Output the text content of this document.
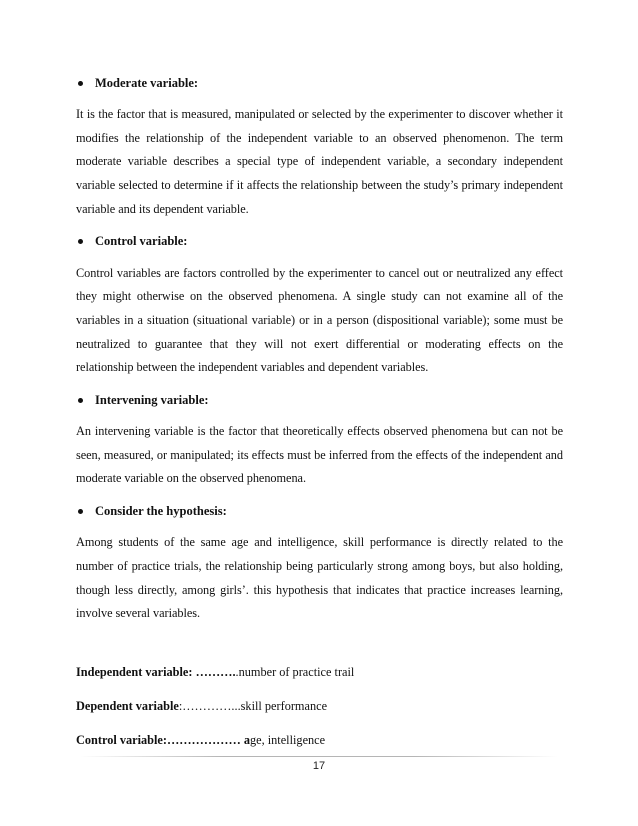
Moderate variable:

It is the factor that is measured, manipulated or selected by the experimenter to discover whether it modifies the relationship of the independent variable to an observed phenomenon. The term moderate variable describes a special type of independent variable, a secondary independent variable selected to determine if it affects the relationship between the study’s primary independent variable and its dependent variable.

Control variable:

Control variables are factors controlled by the experimenter to cancel out or neutralized any effect they might otherwise on the observed phenomena. A single study can not examine all of the variables in a situation (situational variable) or in a person (dispositional variable); some must be neutralized to guarantee that they will not exert differential or moderating effects on the relationship between the independent variables and dependent variables.

Intervening variable:

An intervening variable is the factor that theoretically effects observed phenomena but can not be seen, measured, or manipulated; its effects must be inferred from the effects of the independent and moderate variable on the observed phenomena.

Consider the hypothesis:

Among students of the same age and intelligence, skill performance is directly related to the number of practice trials, the relationship being particularly strong among boys, but also holding, though less directly, among girls’. this hypothesis that indicates that practice increases learning, involve several variables.

Independent variable: ………..number of practice trail
Dependent variable:…………...skill performance
Control variable:……………… age, intelligence
17
